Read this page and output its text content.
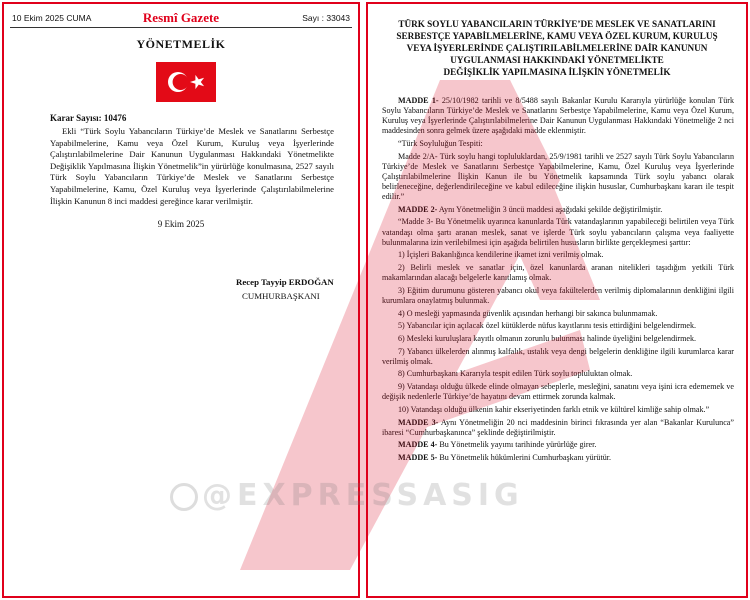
10 Ekim 2025 CUMA	Resmî Gazete	Sayı : 33043
YÖNETMELİK
Karar Sayısı: 10476
Ekli “Türk Soylu Yabancıların Türkiye’de Meslek ve Sanatlarını Serbestçe Yapabilmelerine, Kamu veya Özel Kurum, Kuruluş veya İşyerlerinde Çalıştırılabilmelerine Dair Kanunun Uygulanması Hakkındaki Yönetmelikte Değişiklik Yapılmasına İlişkin Yönetmelik”in yürürlüğe konulmasına, 2527 sayılı Türk Soylu Yabancıların Türkiye’de Meslek ve Sanatlarını Serbestçe Yapabilmelerine, Kamu, Özel Kuruluş veya İşyerlerinde Çalıştırılabilmelerine İlişkin Kanunun 8 inci maddesi gereğince karar verilmiştir.
9 Ekim 2025
Recep Tayyip ERDOĞAN
CUMHURBAŞKANI
TÜRK SOYLU YABANCILARIN TÜRKİYE’DE MESLEK VE SANATLARINI
SERBESTÇE YAPABİLMELERİNE, KAMU VEYA ÖZEL KURUM, KURULUŞ
VEYA İŞYERLERİNDE ÇALIŞTIRILABİLMELERİNE DAİR KANUNUN
UYGULANMASI HAKKINDAKİ YÖNETMELİKTE
DEĞİŞİKLİK YAPILMASINA İLİŞKİN YÖNETMELİK

MADDE 1- 25/10/1982 tarihli ve 8/5488 sayılı Bakanlar Kurulu Kararıyla yürürlüğe konulan Türk Soylu Yabancıların Türkiye’de Meslek ve Sanatlarını Serbestçe Yapabilmelerine, Kamu veya Özel Kurum, Kuruluş veya İşyerlerinde Çalıştırılabilmelerine Dair Kanunun Uygulanması Hakkındaki Yönetmeliğe 2 nci maddesinden sonra gelmek üzere aşağıdaki madde eklenmiştir.

“Türk Soyluluğun Tespiti:

Madde 2/A- Türk soylu hangi topluluklardan, 25/9/1981 tarihli ve 2527 sayılı Türk Soylu Yabancıların Türkiye’de Meslek ve Sanatlarını Serbestçe Yapabilmelerine, Kamu, Özel Kuruluş veya İşyerlerinde Çalıştırılabilmelerine İlişkin Kanun ile bu Yönetmelik kapsamında Türk soylu yabancı olarak belirleneceğine, değerlendirileceğine ve kabul edileceğine ilişkin hususlar, Cumhurbaşkanı kararı ile tespit edilir.”

MADDE 2- Aynı Yönetmeliğin 3 üncü maddesi aşağıdaki şekilde değiştirilmiştir.

“Madde 3- Bu Yönetmelik uyarınca kanunlarda Türk vatandaşlarının yapabileceği belirtilen veya Türk vatandaşı olma şartı aranan meslek, sanat ve işlerde Türk soylu yabancıların çalışma veya faaliyette bulunmalarına izin verilebilmesi için aşağıda belirtilen hususların birlikte gerçekleşmesi şarttır:

1) İçişleri Bakanlığınca kendilerine ikamet izni verilmiş olmak.

2) Belirli meslek ve sanatlar için, özel kanunlarda aranan nitelikleri taşıdığım yetkili Türk makamlarından alacağı belgelerle kanıtlamış olmak.

3) Eğitim durumunu gösteren yabancı okul veya fakültelerden verilmiş diplomalarının denkliğini ilgili kurumlara onaylatmış bulunmak.

4) O mesleği yapmasında güvenlik açısından herhangi bir sakınca bulunmamak.

5) Yabancılar için açılacak özel kütüklerde nüfus kayıtlarını tesis ettirdiğini belgelendirmek.

6) Mesleki kuruluşlara kayıtlı olmanın zorunlu bulunması halinde üyeliğini belgelendirmek.

7) Yabancı ülkelerden alınmış kalfalık, ustalık veya dengi belgelerin denkliğine ilgili kurumlarca karar verilmiş olmak.

8) Cumhurbaşkanı Kararıyla tespit edilen Türk soylu topluluktan olmak.

9) Vatandaşı olduğu ülkede elinde olmayan sebeplerle, mesleğini, sanatını veya işini icra edememek ve değişik nedenlerle Türkiye’de hayatını devam ettirmek zorunda kalmak.

10) Vatandaşı olduğu ülkenin kahir ekseriyetinden farklı etnik ve kültürel kimliğe sahip olmak.”

MADDE 3- Aynı Yönetmeliğin 20 nci maddesinin birinci fıkrasında yer alan “Bakanlar Kurulunca” ibaresi “Cumhurbaşkanınca” şeklinde değiştirilmiştir.

MADDE 4- Bu Yönetmelik yayımı tarihinde yürürlüğe girer.

MADDE 5- Bu Yönetmelik hükümlerini Cumhurbaşkanı yürütür.

@EXPRESSASIG
